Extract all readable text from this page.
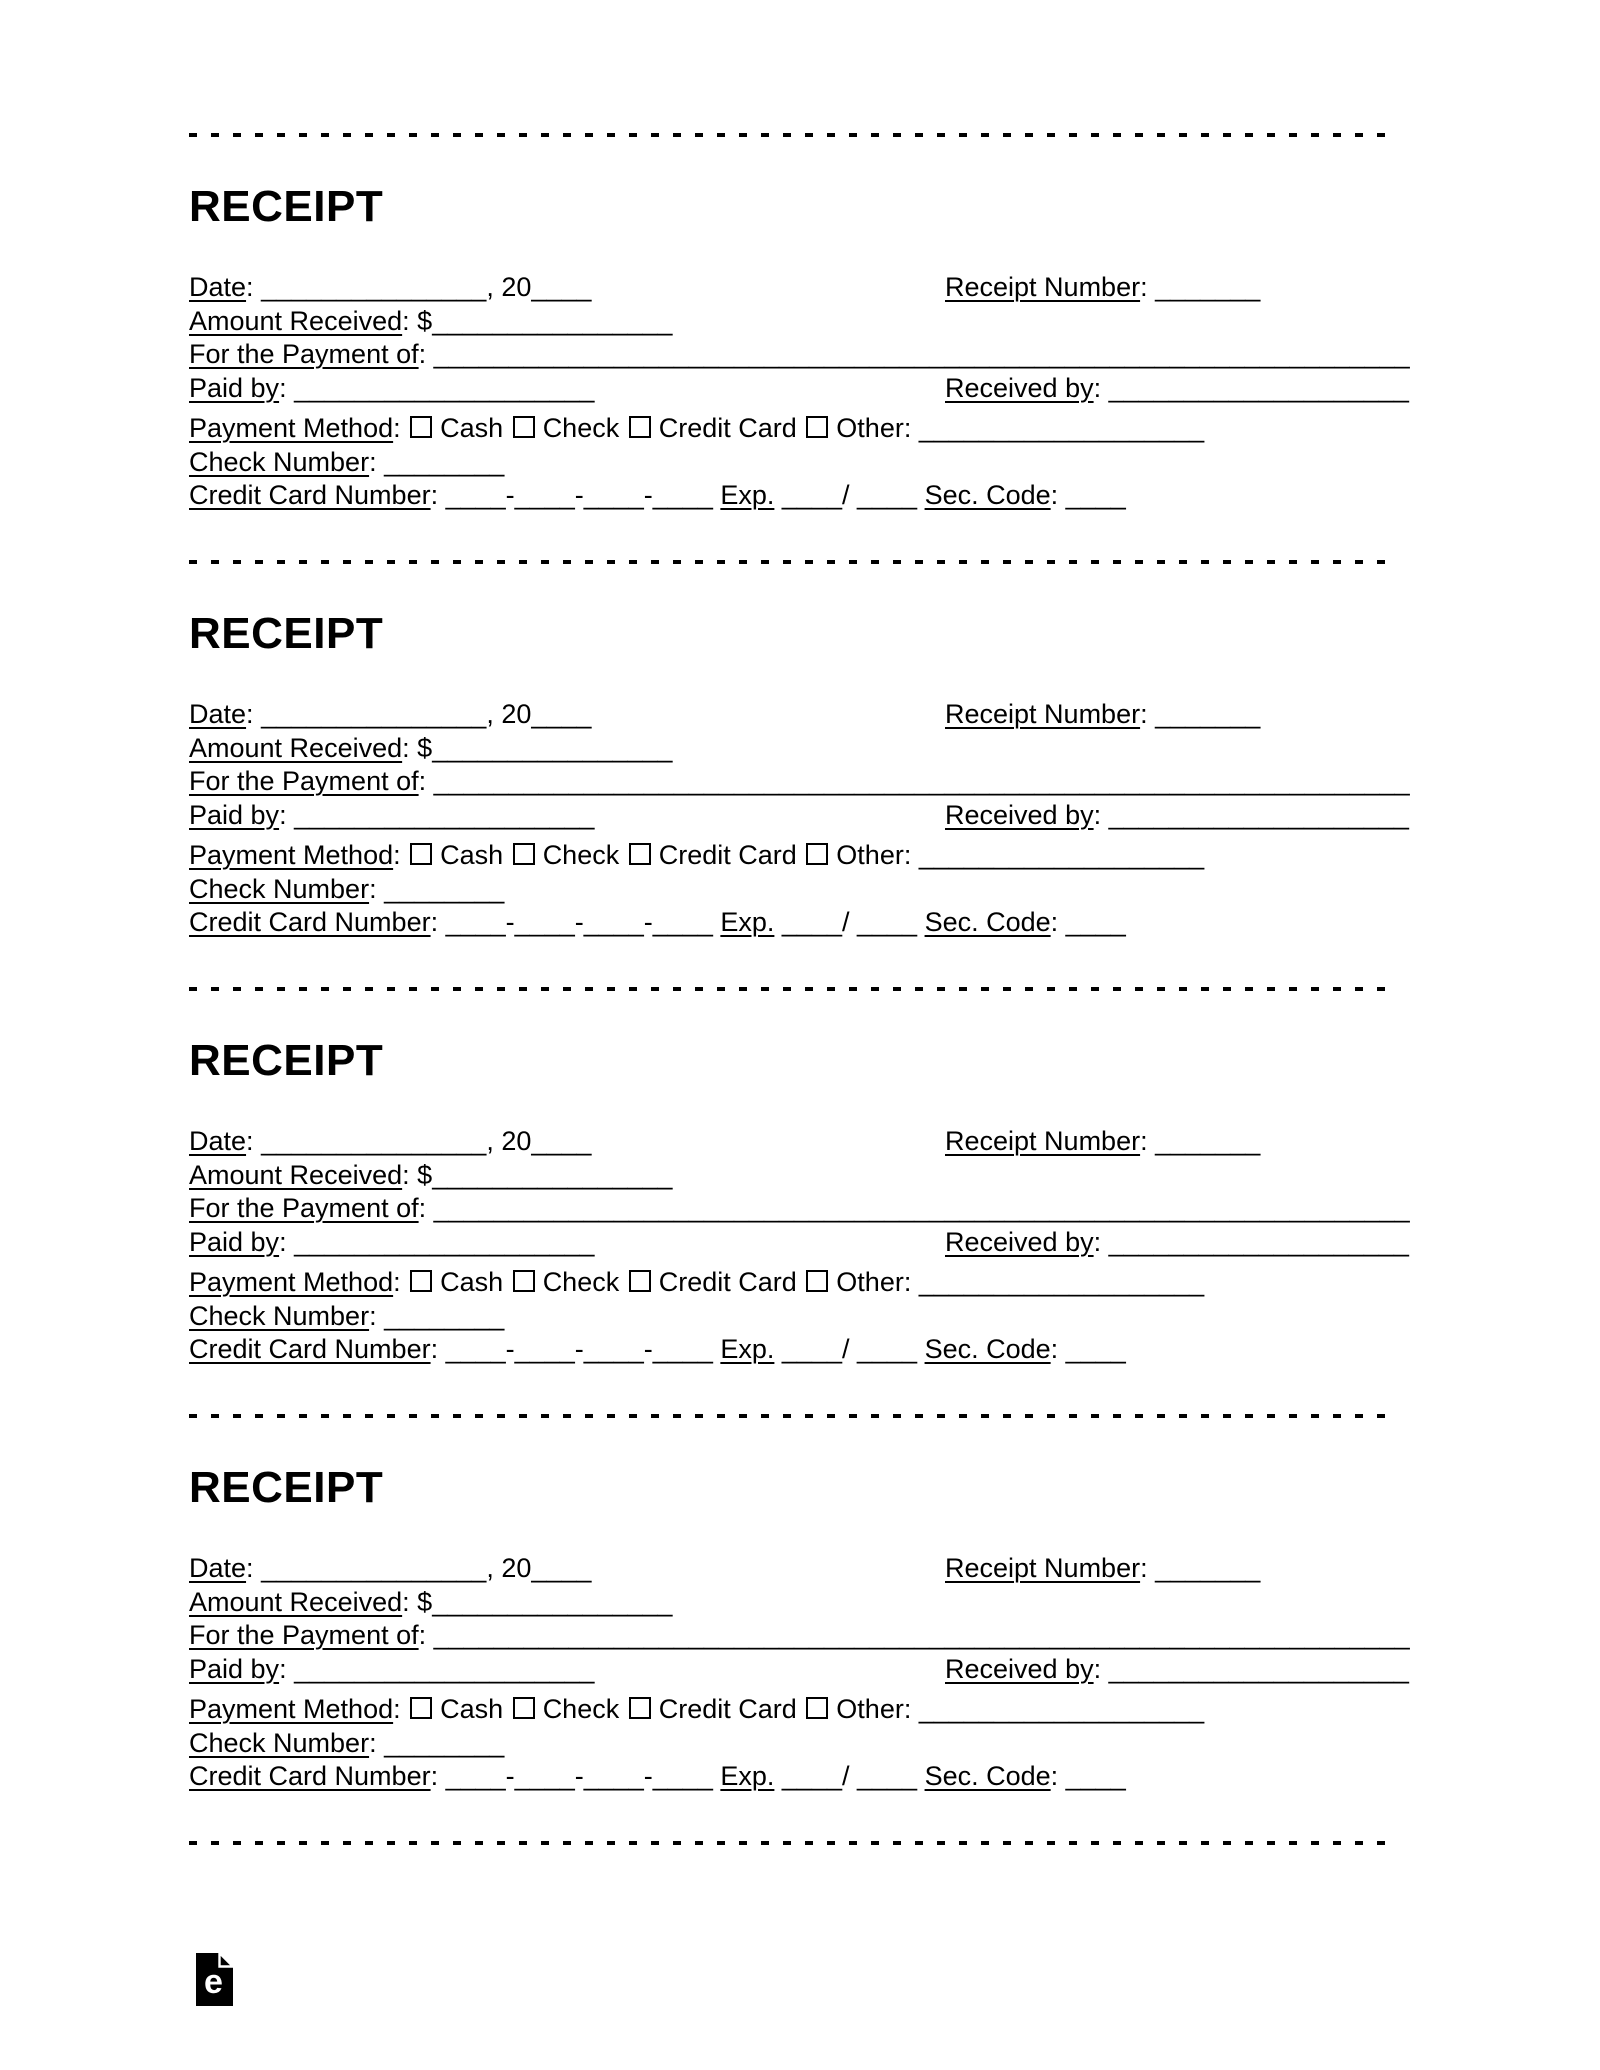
RECEIPT
Date: _______________, 20____	Receipt Number: _______
Amount Received: $________________
For the Payment of: _________________________________________________________________
Paid by: ____________________	Received by: ____________________
Payment Method: Cash Check Credit Card Other: ___________________
Check Number: ________
Credit Card Number: ____-____-____-____ Exp. ____/ ____ Sec. Code: ____
RECEIPT
Date: _______________, 20____	Receipt Number: _______
Amount Received: $________________
For the Payment of: _________________________________________________________________
Paid by: ____________________	Received by: ____________________
Payment Method: Cash Check Credit Card Other: ___________________
Check Number: ________
Credit Card Number: ____-____-____-____ Exp. ____/ ____ Sec. Code: ____
RECEIPT
Date: _______________, 20____	Receipt Number: _______
Amount Received: $________________
For the Payment of: _________________________________________________________________
Paid by: ____________________	Received by: ____________________
Payment Method: Cash Check Credit Card Other: ___________________
Check Number: ________
Credit Card Number: ____-____-____-____ Exp. ____/ ____ Sec. Code: ____
RECEIPT
Date: _______________, 20____	Receipt Number: _______
Amount Received: $________________
For the Payment of: _________________________________________________________________
Paid by: ____________________	Received by: ____________________
Payment Method: Cash Check Credit Card Other: ___________________
Check Number: ________
Credit Card Number: ____-____-____-____ Exp. ____/ ____ Sec. Code: ____
e
